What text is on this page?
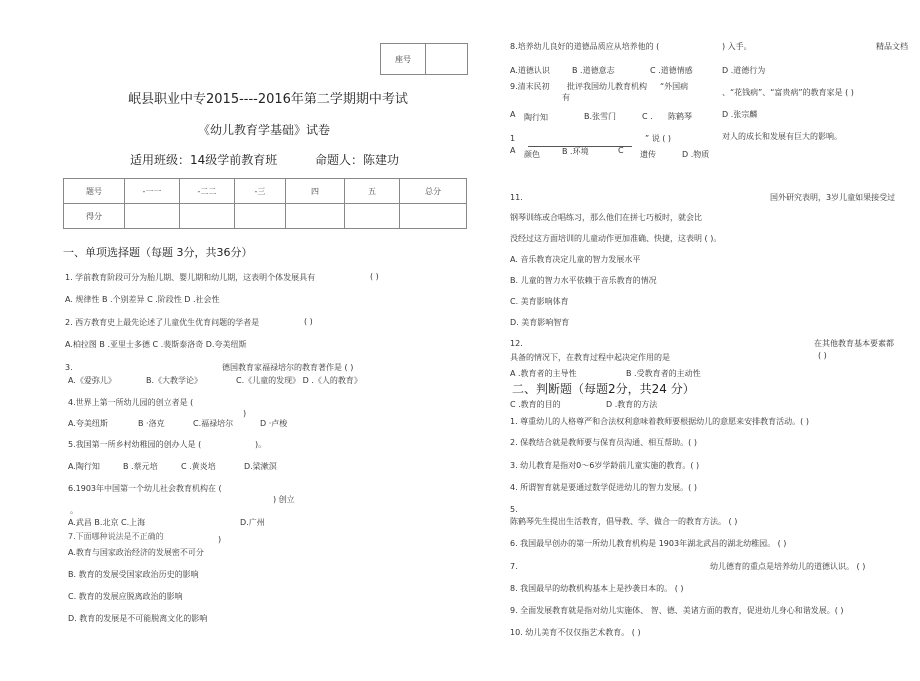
座号
精品文档
岷县职业中专2015----2016年第二学期期中考试
《幼儿教育学基础》试卷
适用班级：14级学前教育班	命题人：陈建功
题号	-一一	-二二	-三	四	五	总分
得分						
一、单项选择题（每题 3分，共36分）
1. 学前教育阶段可分为胎儿期、婴儿期和幼儿期，这表明个体发展具有	( )
A. 规律性 B .个别差异 C .阶段性 D .社会性
2. 西方教育史上最先论述了儿童优生优育问题的学者是	( )
A.柏拉图 B .亚里士多德 C .裴斯泰洛奇 D.夸美纽斯
3.	德国教育家福禄培尔的教育著作是 ( )
A.《爱弥儿》	B.《大教学论》	C.《儿童的发现》 D .《人的教育》
4.世界上第一所幼儿园的创立者是 (
)
A.夸美纽斯	B ·洛克	C.福禄培尔	D ·卢梭
5.我国第一所乡村幼稚园的创办人是 (	)。
A.陶行知	B .蔡元培	C .黄炎培	D.梁漱溟
6.1903年中国第一个幼儿社会教育机构在 (
) 创立
。
A.武昌 B.北京 C.上海	D.广州
7.下面哪种说法是不正确的	)
A.教育与国家政治经济的发展密不可分
B. 教育的发展受国家政治历史的影响
C. 教育的发展应脱离政治的影响
D. 教育的发展是不可能脱离文化的影响
8.培养幼儿良好的道德品质应从培养他的 (	) 入手。
A.道德认识	B .道德意志	C .道德情感	D .道德行为
9.清末民初 批评我国幼儿教育机构 “外国病
有
、“花钱病”、“富贵病”的教育家是 ( )
A 陶行知	B.张雪门	C . 陈鹤琴	D .张宗麟
1	” 说 ( )	对人的成长和发展有巨大的影响。
A 颜色	B .环境	C 遗传	D .物质
11.	国外研究表明，3岁儿童如果接受过
钢琴训练或合唱练习，那么他们在拼七巧板时，就会比
没经过这方面培训的儿童动作更加准确、快捷，这表明 ( )。
A. 音乐教育决定儿童的智力发展水平
B. 儿童的智力水平依赖于音乐教育的情况
C. 美育影响体育
D. 美育影响智育
12.	在其他教育基本要素都
具备的情况下，在教育过程中起决定作用的是	( )
A .教育者的主导性	B .受教育者的主动性
二、判断题（每题2分，共24 分）
C .教育的目的	D .教育的方法
1. 尊重幼儿的人格尊严和合法权利意味着教师要根据幼儿的意愿来安排教育活动。( )
2. 保教结合就是教师要与保育员沟通、相互帮助。( )
3. 幼儿教育是指对0～6岁学龄前儿童实施的教育。( )
4. 所谓智育就是要通过数学促进幼儿的智力发展。( )
5.
陈鹤琴先生提出生活教育，倡导教、学、做合一的教育方法。 ( )
6. 我国最早创办的第一所幼儿教育机构是 1903年湖北武昌的湖北幼稚园。 ( )
7.	幼儿德育的重点是培养幼儿的道德认识。 ( )
8. 我国最早的幼教机构基本上是抄袭日本的。 ( )
9. 全面发展教育就是指对幼儿实施体、 智、德、美诸方面的教育，促进幼儿身心和谐发展。( )
10. 幼儿美育不仅仅指艺术教育。 ( )
